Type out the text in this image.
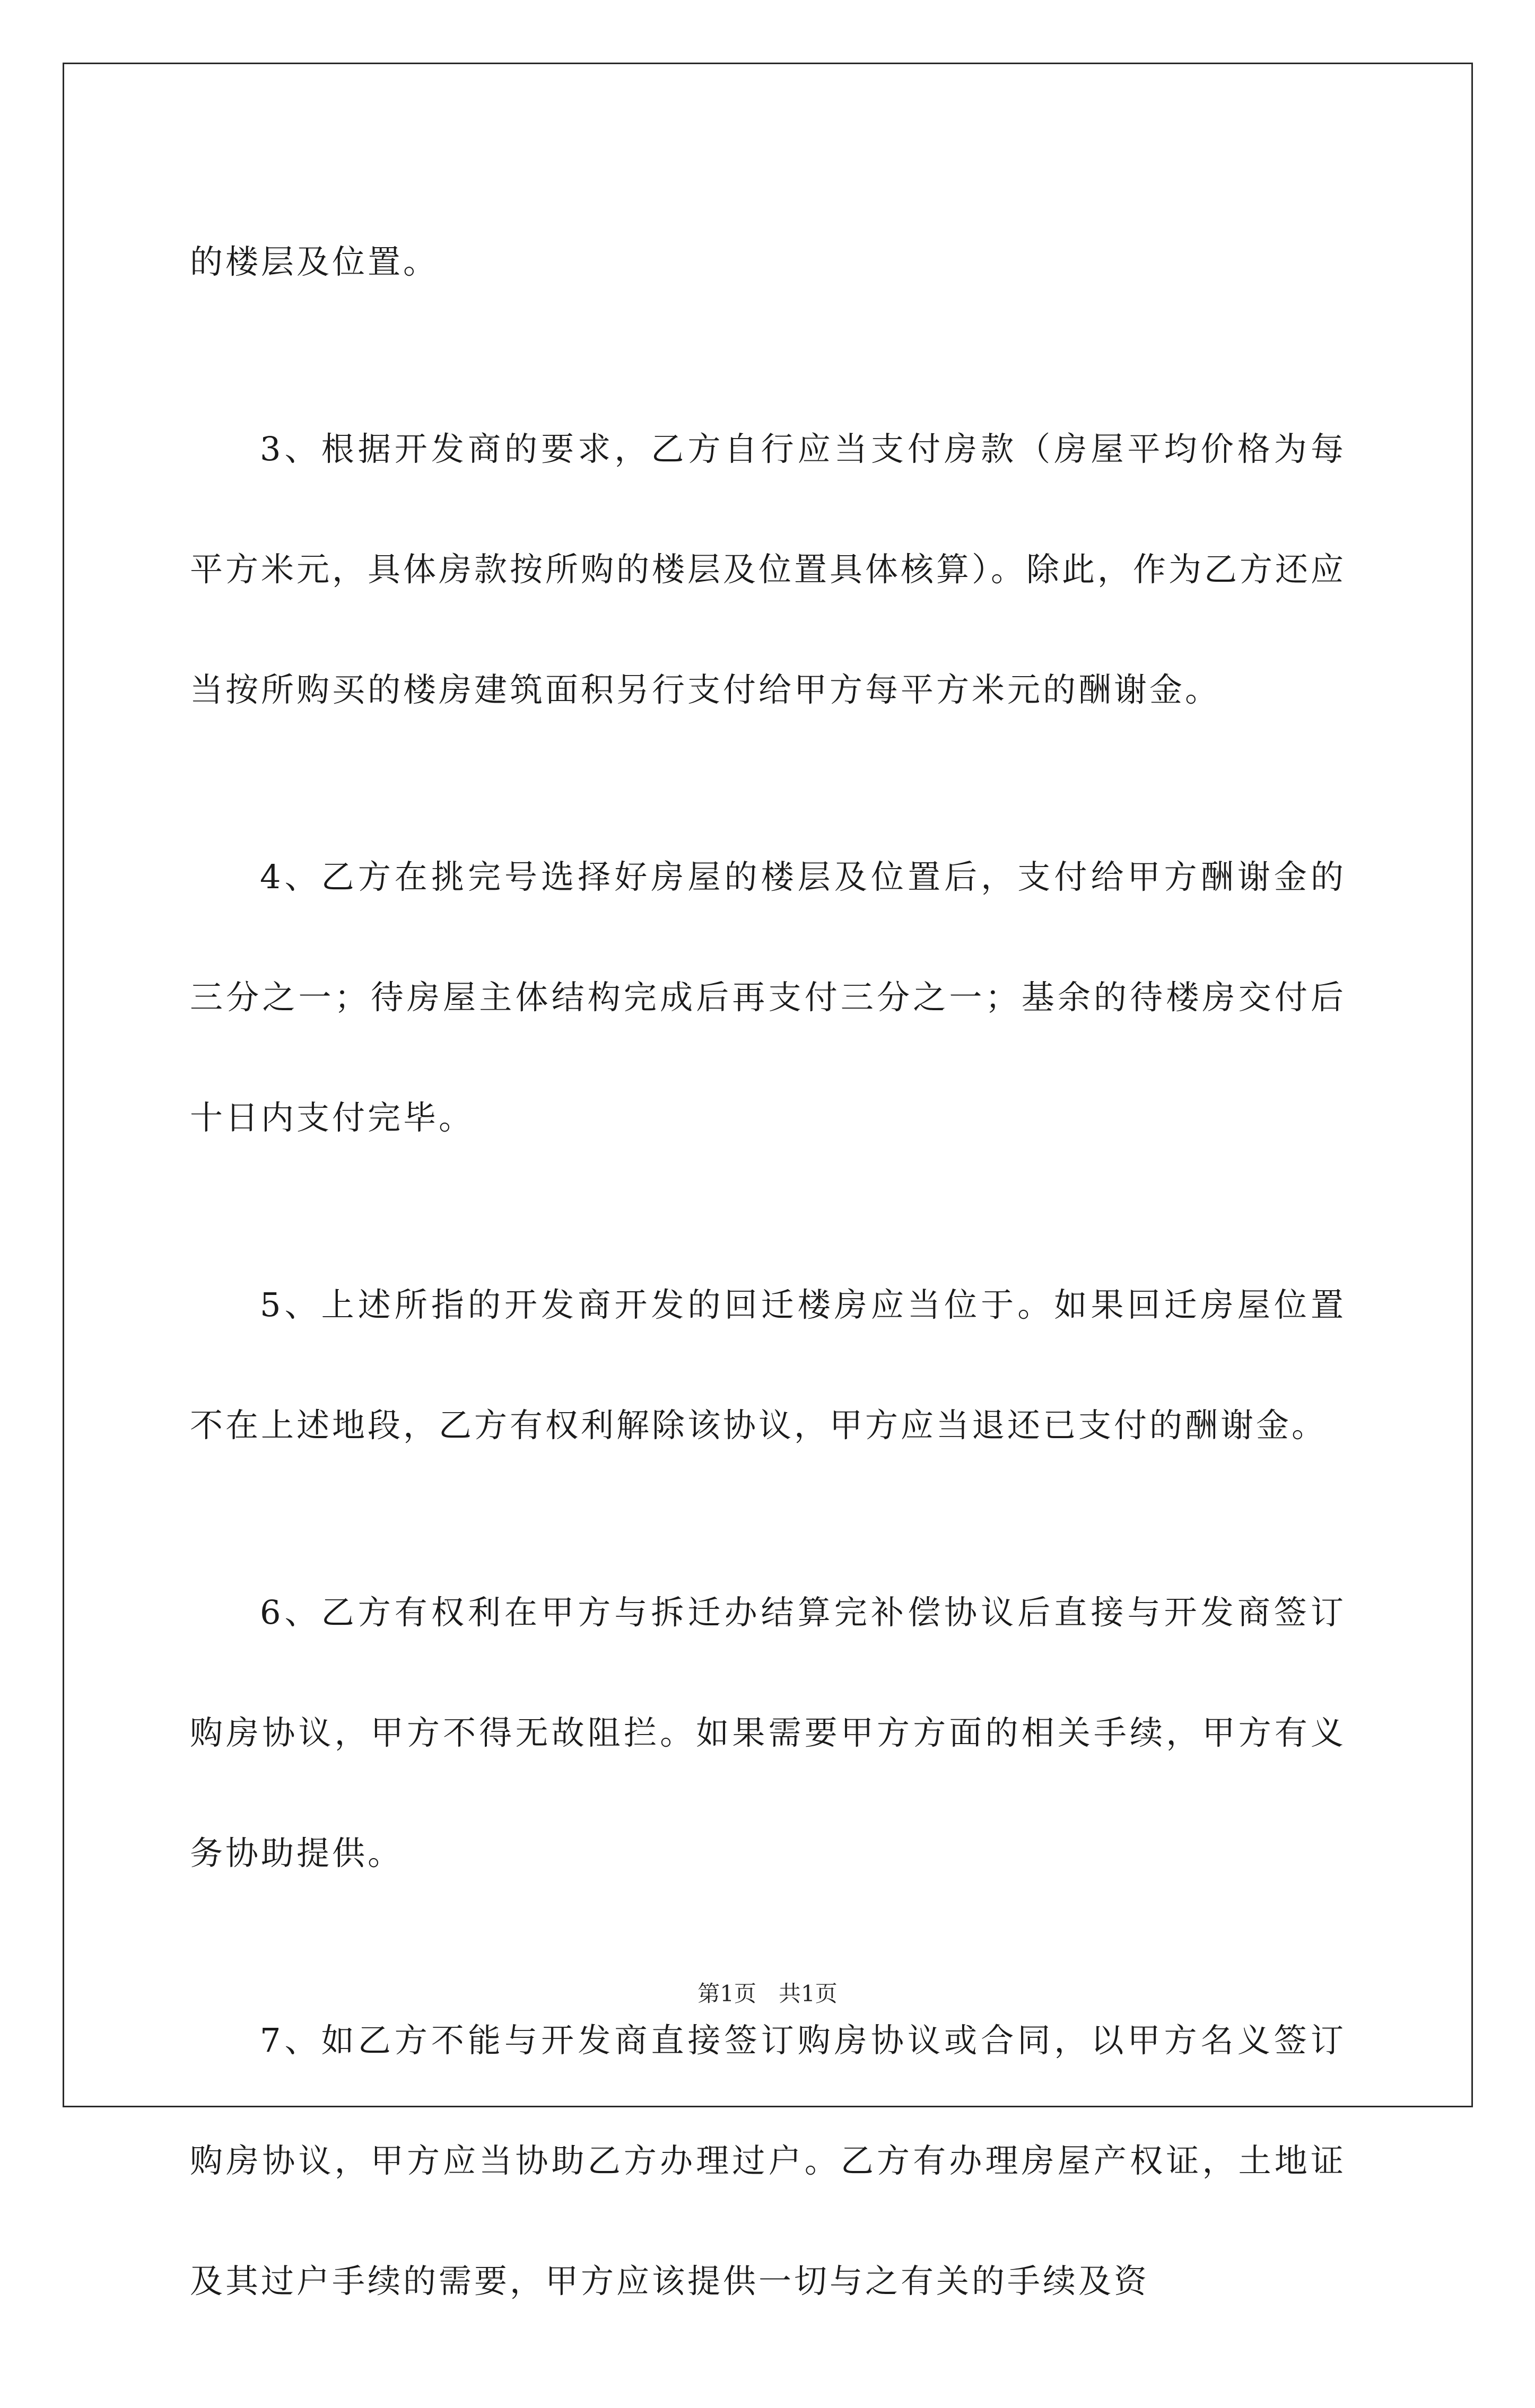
的楼层及位置。

3、根据开发商的要求，乙方自行应当支付房款（房屋平均价格为每平方米元，具体房款按所购的楼层及位置具体核算）。除此，作为乙方还应当按所购买的楼房建筑面积另行支付给甲方每平方米元的酬谢金。

4、乙方在挑完号选择好房屋的楼层及位置后，支付给甲方酬谢金的三分之一；待房屋主体结构完成后再支付三分之一；基余的待楼房交付后十日内支付完毕。

5、上述所指的开发商开发的回迁楼房应当位于。如果回迁房屋位置不在上述地段，乙方有权利解除该协议，甲方应当退还已支付的酬谢金。

6、乙方有权利在甲方与拆迁办结算完补偿协议后直接与开发商签订购房协议，甲方不得无故阻拦。如果需要甲方方面的相关手续，甲方有义务协助提供。

7、如乙方不能与开发商直接签订购房协议或合同，以甲方名义签订购房协议，甲方应当协助乙方办理过户。乙方有办理房屋产权证，土地证及其过户手续的需要，甲方应该提供一切与之有关的手续及资

第1页　共1页
